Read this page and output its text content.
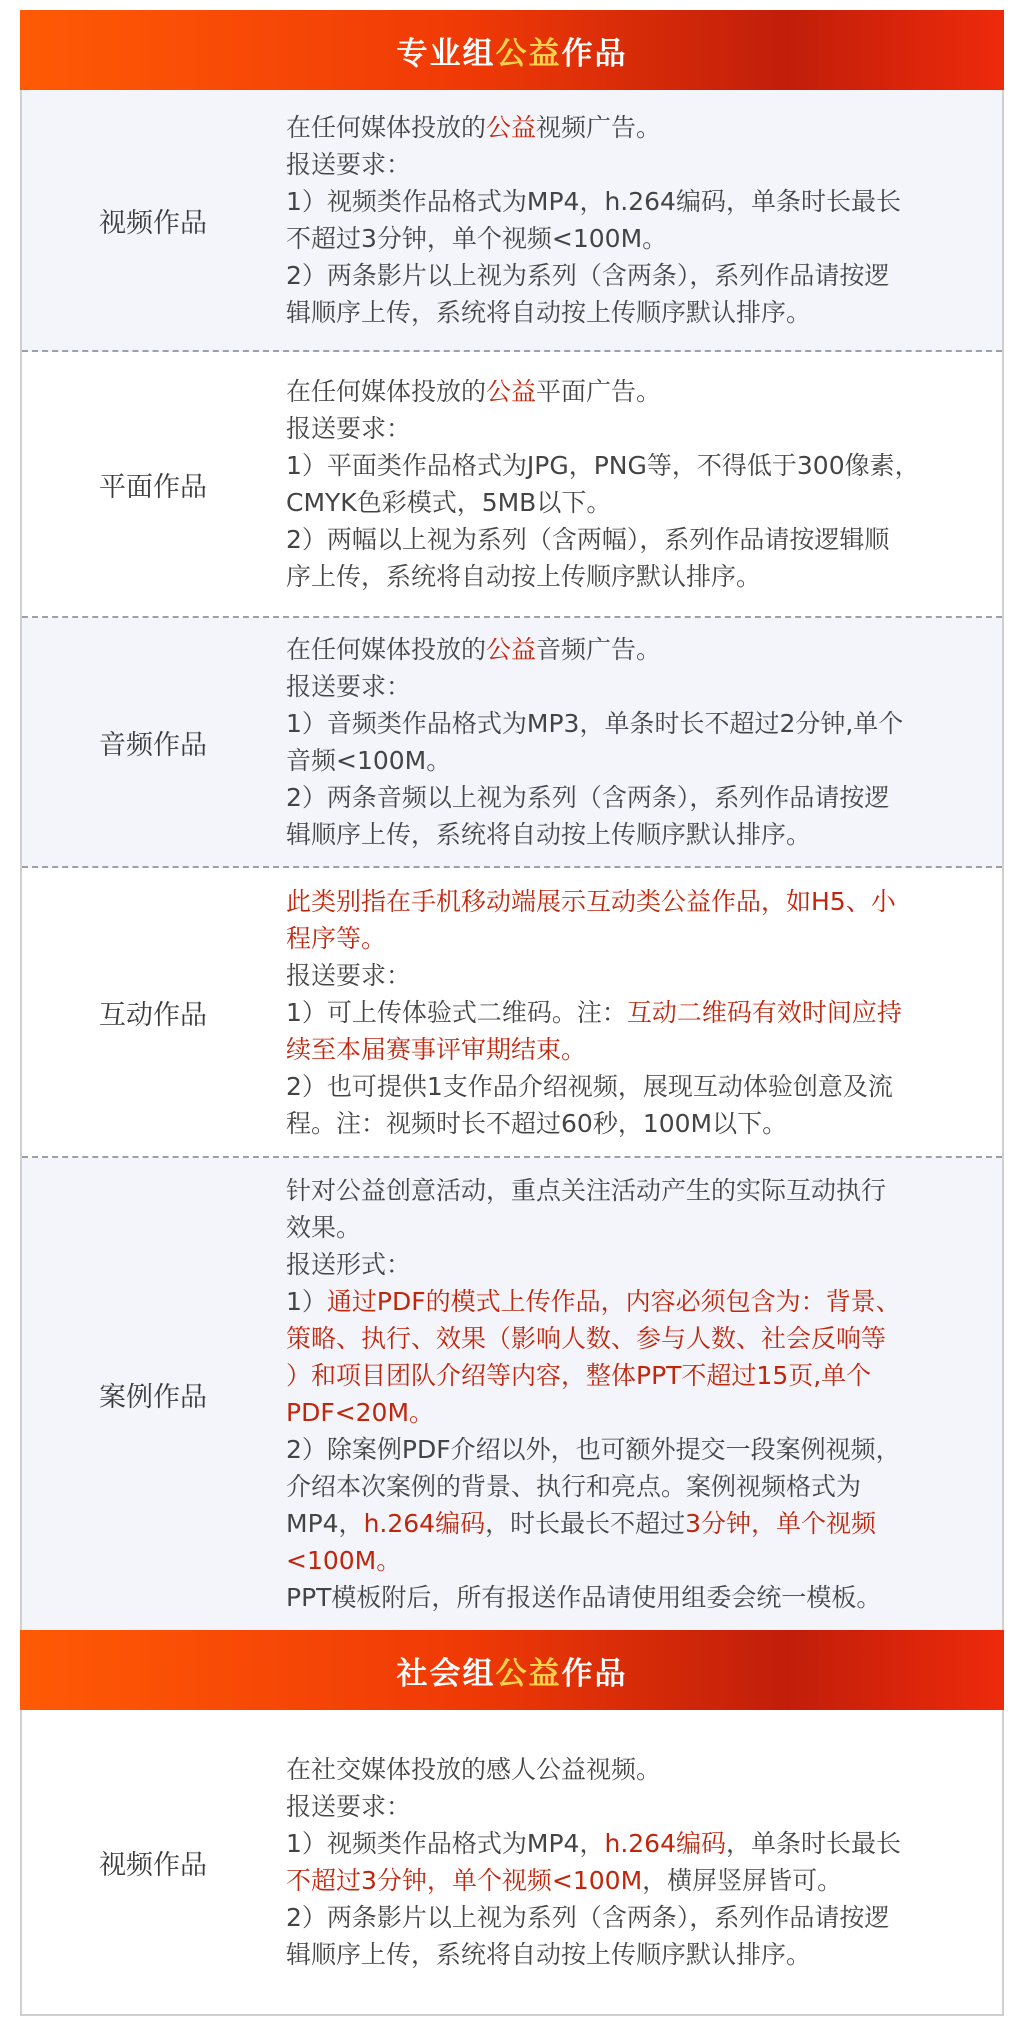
专业组公益作品
视频作品
在任何媒体投放的公益视频广告。
报送要求：
1）视频类作品格式为MP4，h.264编码，单条时长最长
不超过3分钟，单个视频<100M。
2）两条影片以上视为系列（含两条），系列作品请按逻
辑顺序上传，系统将自动按上传顺序默认排序。
平面作品
在任何媒体投放的公益平面广告。
报送要求：
1）平面类作品格式为JPG，PNG等，不得低于300像素，
CMYK色彩模式，5MB以下。
2）两幅以上视为系列（含两幅），系列作品请按逻辑顺
序上传，系统将自动按上传顺序默认排序。
音频作品
在任何媒体投放的公益音频广告。
报送要求：
1）音频类作品格式为MP3，单条时长不超过2分钟,单个
音频<100M。
2）两条音频以上视为系列（含两条），系列作品请按逻
辑顺序上传，系统将自动按上传顺序默认排序。
互动作品
此类别指在手机移动端展示互动类公益作品，如H5、小
程序等。
报送要求：
1）可上传体验式二维码。注：互动二维码有效时间应持
续至本届赛事评审期结束。
2）也可提供1支作品介绍视频，展现互动体验创意及流
程。注：视频时长不超过60秒，100M以下。
案例作品
针对公益创意活动，重点关注活动产生的实际互动执行
效果。
报送形式：
1）通过PDF的模式上传作品，内容必须包含为：背景、
策略、执行、效果（影响人数、参与人数、社会反响等
）和项目团队介绍等内容，整体PPT不超过15页,单个
PDF<20M。
2）除案例PDF介绍以外，也可额外提交一段案例视频，
介绍本次案例的背景、执行和亮点。案例视频格式为
MP4，h.264编码，时长最长不超过3分钟，单个视频
<100M。
PPT模板附后，所有报送作品请使用组委会统一模板。
社会组公益作品
视频作品
在社交媒体投放的感人公益视频。
报送要求：
1）视频类作品格式为MP4，h.264编码，单条时长最长
不超过3分钟，单个视频<100M，横屏竖屏皆可。
2）两条影片以上视为系列（含两条），系列作品请按逻
辑顺序上传，系统将自动按上传顺序默认排序。
